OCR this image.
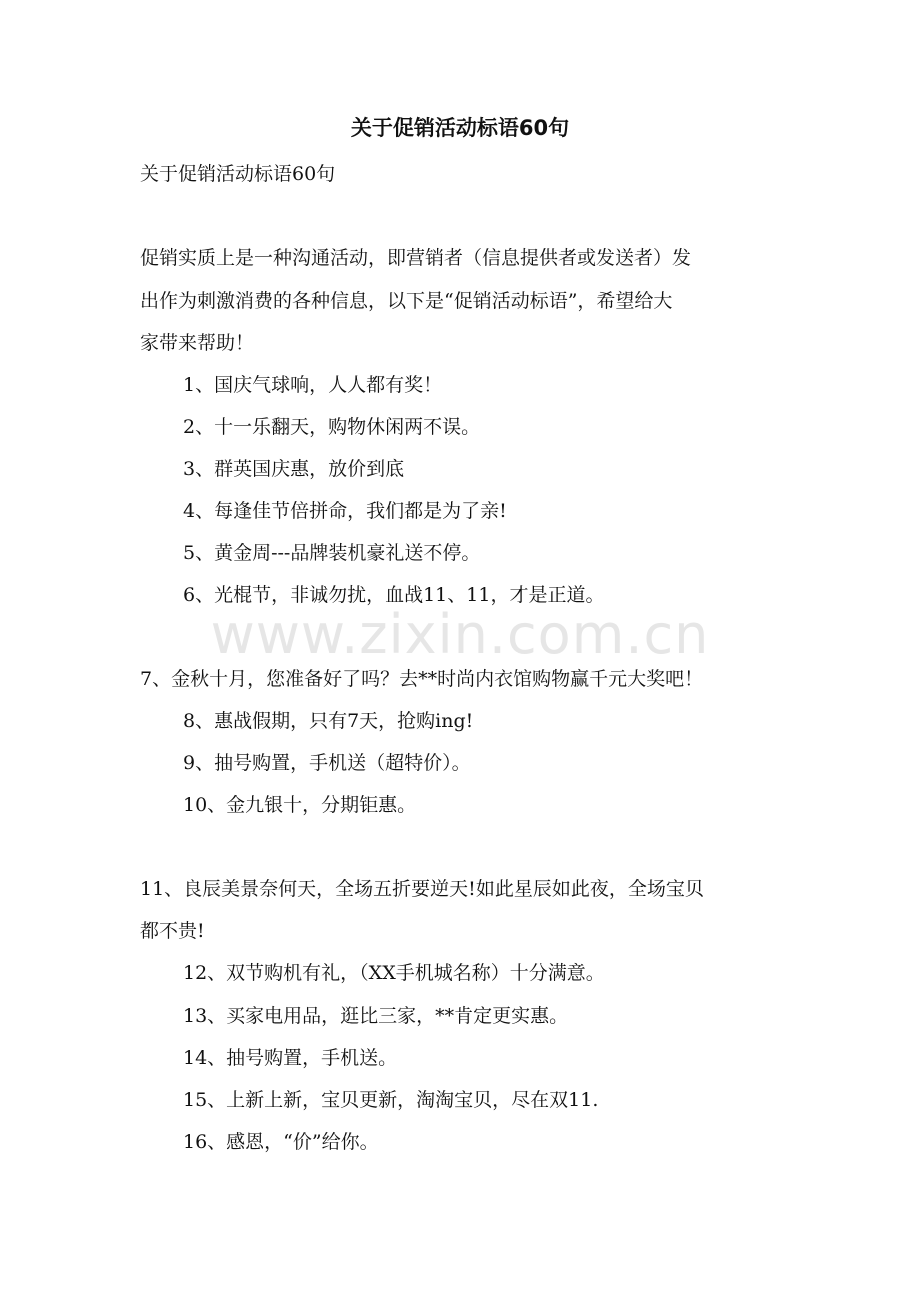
关于促销活动标语60句
关于促销活动标语60句
促销实质上是一种沟通活动，即营销者（信息提供者或发送者）发
出作为刺激消费的各种信息，以下是“促销活动标语”，希望给大
家带来帮助！
1、国庆气球响，人人都有奖！
2、十一乐翻天，购物休闲两不误。
3、群英国庆惠，放价到底
4、每逢佳节倍拼命，我们都是为了亲!
5、黄金周---品牌装机豪礼送不停。
6、光棍节，非诚勿扰，血战11、11，才是正道。
www.zixin.com.cn
7、金秋十月，您准备好了吗？去**时尚内衣馆购物赢千元大奖吧！
8、惠战假期，只有7天，抢购ing!
9、抽号购置，手机送（超特价）。
10、金九银十，分期钜惠。
11、良辰美景奈何天，全场五折要逆天!如此星辰如此夜，全场宝贝
都不贵!
12、双节购机有礼，（XX手机城名称）十分满意。
13、买家电用品，逛比三家，**肯定更实惠。
14、抽号购置，手机送。
15、上新上新，宝贝更新，淘淘宝贝，尽在双11.
16、感恩，“价”给你。
